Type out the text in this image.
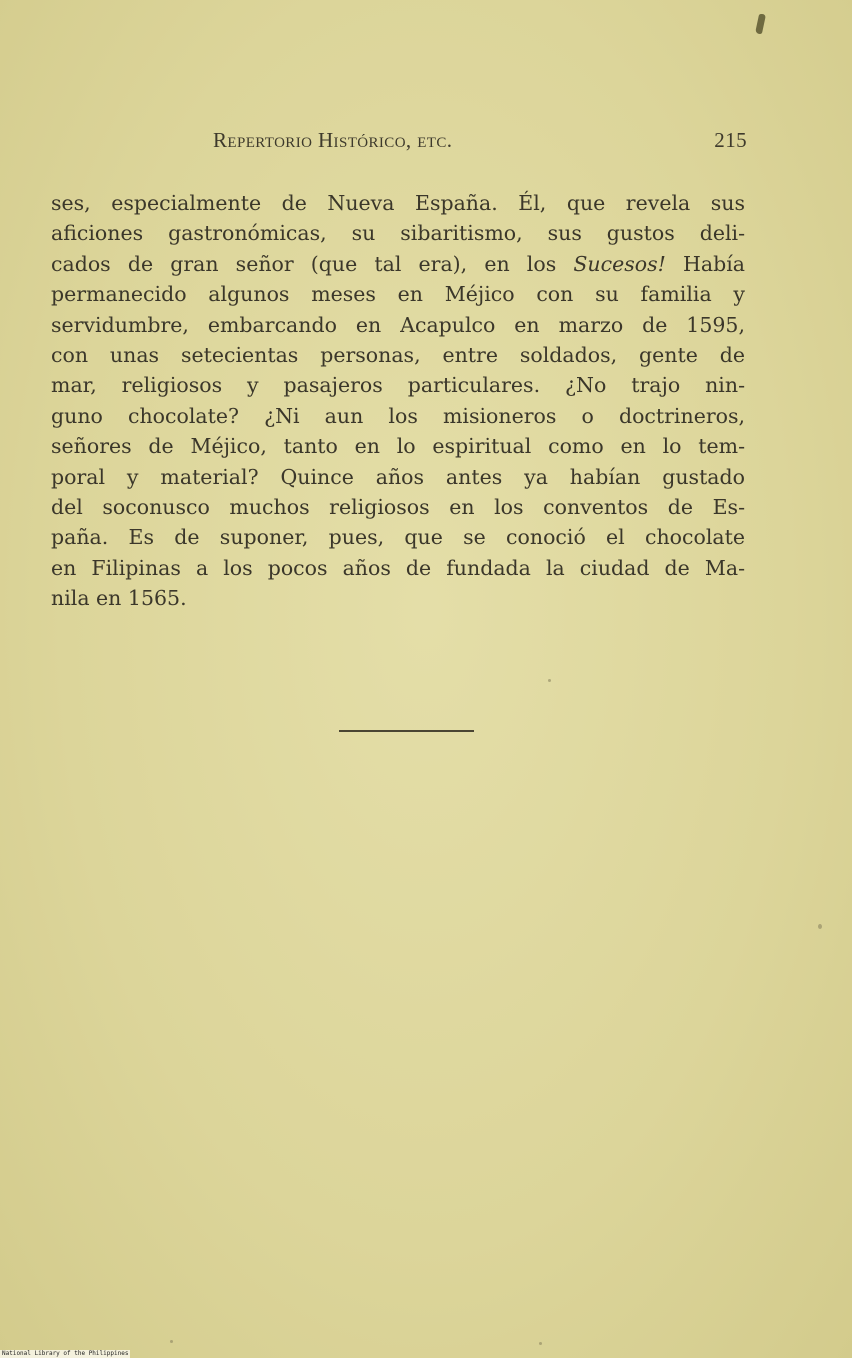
Repertorio Histórico, etc.	215
ses, especialmente de Nueva España. Él, que revela sus
aficiones gastronómicas, su sibaritismo, sus gustos deli-
cados de gran señor (que tal era), en los Sucesos! Había
permanecido algunos meses en Méjico con su familia y
servidumbre, embarcando en Acapulco en marzo de 1595,
con unas setecientas personas, entre soldados, gente de
mar, religiosos y pasajeros particulares. ¿No trajo nin-
guno chocolate? ¿Ni aun los misioneros o doctrineros,
señores de Méjico, tanto en lo espiritual como en lo tem-
poral y material? Quince años antes ya habían gustado
del soconusco muchos religiosos en los conventos de Es-
paña. Es de suponer, pues, que se conoció el chocolate
en Filipinas a los pocos años de fundada la ciudad de Ma-
nila en 1565.
National Library of the Philippines
